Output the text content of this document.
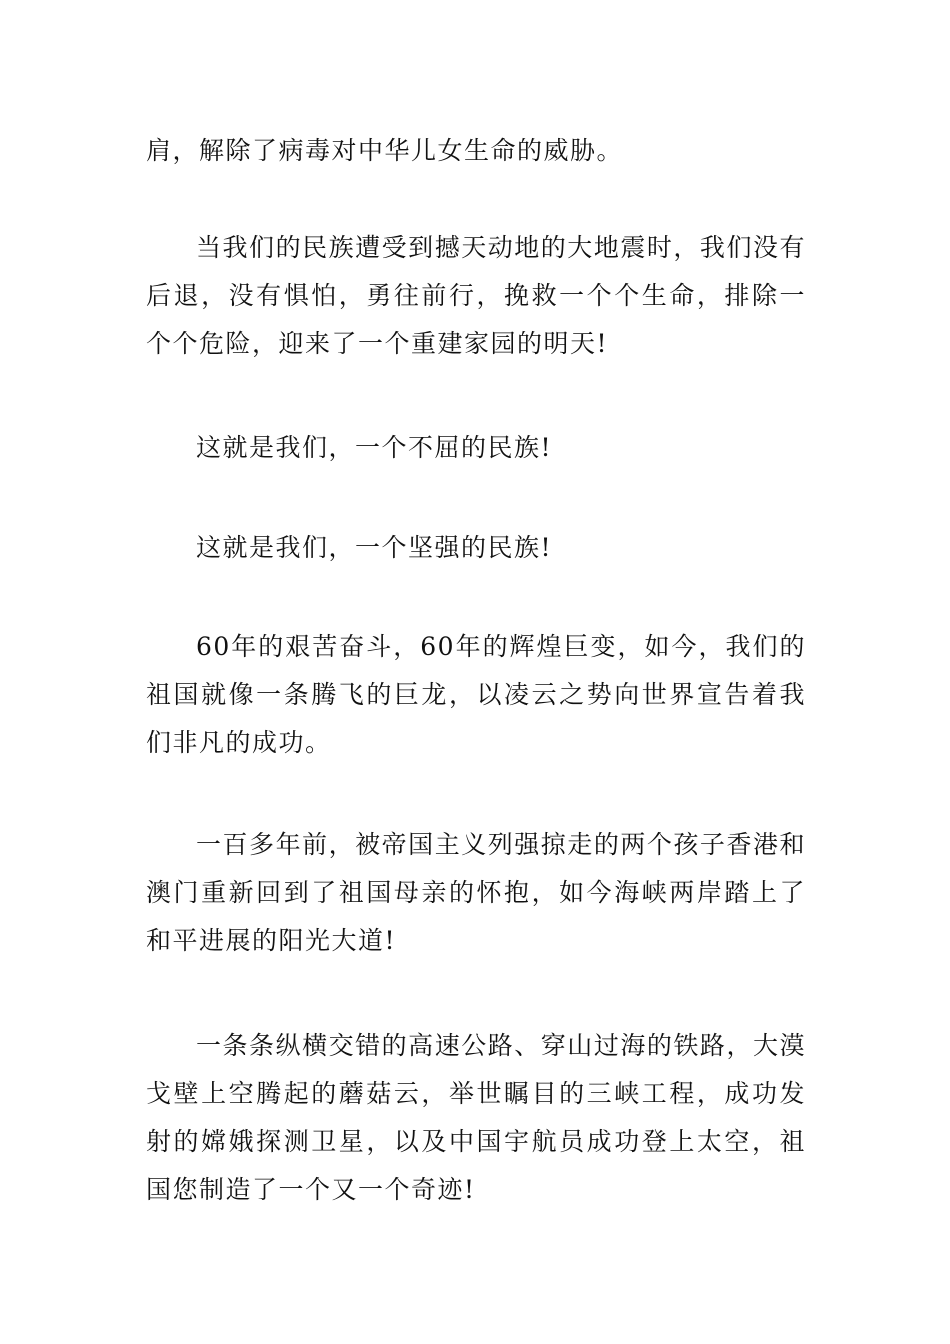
肩，解除了病毒对中华儿女生命的威胁。

当我们的民族遭受到撼天动地的大地震时，我们没有后退，没有惧怕，勇往前行，挽救一个个生命，排除一个个危险，迎来了一个重建家园的明天!

这就是我们，一个不屈的民族!

这就是我们，一个坚强的民族!

60年的艰苦奋斗，60年的辉煌巨变，如今，我们的祖国就像一条腾飞的巨龙，以凌云之势向世界宣告着我们非凡的成功。

一百多年前，被帝国主义列强掠走的两个孩子香港和澳门重新回到了祖国母亲的怀抱，如今海峡两岸踏上了和平进展的阳光大道!

一条条纵横交错的高速公路、穿山过海的铁路，大漠戈壁上空腾起的蘑菇云，举世瞩目的三峡工程，成功发射的嫦娥探测卫星，以及中国宇航员成功登上太空，祖国您制造了一个又一个奇迹!
